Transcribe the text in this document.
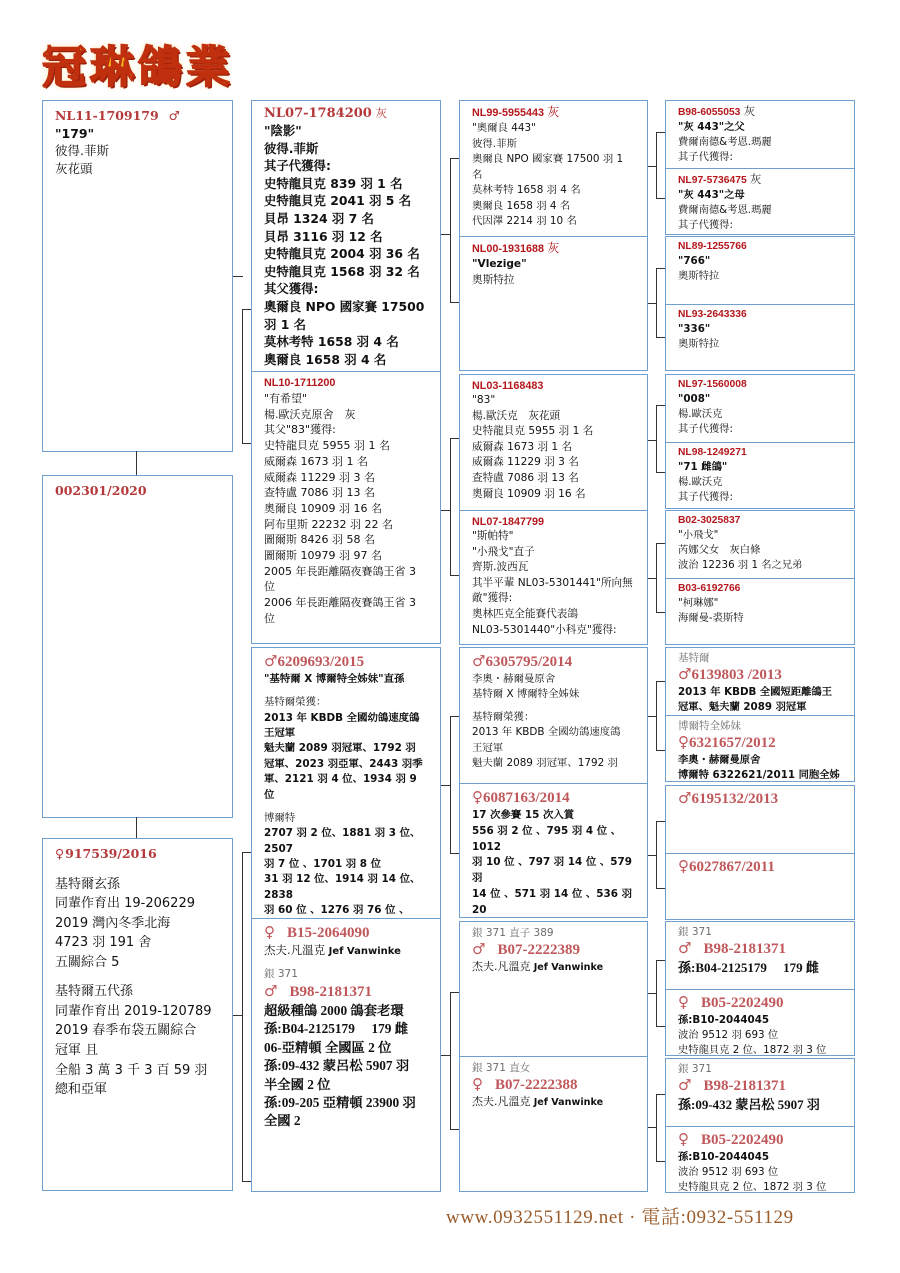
冠琳鴿業
NL11-1709179 ♂
"179"
彼得.菲斯
灰花頭
002301/2020
♀917539/2016
基特爾玄孫
同輩作育出 19-206229
2019 灣內冬季北海
4723 羽 191 舍
五關綜合 5
基特爾五代孫
同輩作育出 2019-120789
2019 春季布袋五關綜合
冠軍 且
全船 3 萬 3 千 3 百 59 羽
總和亞軍
NL07-1784200 灰
"陰影"
彼得.菲斯
其子代獲得:
史特龍貝克 839 羽 1 名
史特龍貝克 2041 羽 5 名
貝昂 1324 羽 7 名
貝昂 3116 羽 12 名
史特龍貝克 2004 羽 36 名
史特龍貝克 1568 羽 32 名
其父獲得:
奧爾良 NPO 國家賽 17500
羽 1 名
莫林考特 1658 羽 4 名
奧爾良 1658 羽 4 名
NL10-1711200
"有希望"
楊.歐沃克原舍　灰
其父"83"獲得:
史特龍貝克 5955 羽 1 名
威爾森 1673 羽 1 名
威爾森 11229 羽 3 名
查特盧 7086 羽 13 名
奧爾良 10909 羽 16 名
阿布里斯 22232 羽 22 名
圖爾斯 8426 羽 58 名
圖爾斯 10979 羽 97 名
2005 年長距離隔夜賽鴿王省 3
位
2006 年長距離隔夜賽鴿王省 3
位
♂6209693/2015
"基特爾 X 博爾特全姊妹"直孫
基特爾榮獲：
2013 年 KBDB 全國幼鴿速度鴿
王冠軍
魁夫蘭 2089 羽冠軍、1792 羽
冠軍、2023 羽亞軍、2443 羽季
軍、2121 羽 4 位、1934 羽 9
位
博爾特
2707 羽 2 位、1881 羽 3 位、2507
羽 7 位 、1701 羽 8 位
31 羽 12 位、1914 羽 14 位、2838
羽 60 位 、1276 羽 76 位 、
♀ B15-2064090
杰夫.凡溫克 Jef Vanwinke
銀 371
♂ B98-2181371
超級種鴿 2000 鴿套老環
孫:B04-2125179　 179 雌
06-亞精頓 全國區 2 位
孫:09-432 蒙呂松 5907 羽
半全國 2 位
孫:09-205 亞精頓 23900 羽
全國 2
NL99-5955443 灰
"奧爾良 443"
彼得.菲斯
奧爾良 NPO 國家賽 17500 羽 1
名
莫林考特 1658 羽 4 名
奧爾良 1658 羽 4 名
代因澤 2214 羽 10 名
NL00-1931688 灰
"Vlezige"
奧斯特拉
NL03-1168483
"83"
楊.歐沃克　灰花頭
史特龍貝克 5955 羽 1 名
威爾森 1673 羽 1 名
威爾森 11229 羽 3 名
查特盧 7086 羽 13 名
奧爾良 10909 羽 16 名
NL07-1847799
"斯帕特"
"小飛戈"直子
齊斯.波西瓦
其半平輩 NL03-5301441"所向無
敵"獲得:
奧林匹克全能賽代表鴿
NL03-5301440"小科克"獲得:
♂6305795/2014
李奧・赫爾曼原舍
基特爾 X 博爾特全姊妹
基特爾榮獲：
2013 年 KBDB 全國幼鴿速度鴿
王冠軍
魁夫蘭 2089 羽冠軍、1792 羽
♀6087163/2014
17 次參賽 15 次入賞
556 羽 2 位 、795 羽 4 位 、1012
羽 10 位 、797 羽 14 位 、579 羽
14 位 、571 羽 14 位 、536 羽 20
銀 371 直子 389
♂ B07-2222389
杰夫.凡溫克 Jef Vanwinke
銀 371 直女
♀ B07-2222388
杰夫.凡溫克 Jef Vanwinke
B98-6055053 灰
"灰 443"之父
費爾南德&考恩.瑪麗
其子代獲得:
NL97-5736475 灰
"灰 443"之母
費爾南德&考恩.瑪麗
其子代獲得:
NL89-1255766
"766"
奧斯特拉
NL93-2643336
"336"
奧斯特拉
NL97-1560008
"008"
楊.歐沃克
其子代獲得:
NL98-1249271
"71 雌鴿"
楊.歐沃克
其子代獲得:
B02-3025837
"小飛戈"
芮娜父女　灰白條
波治 12236 羽 1 名之兄弟
B03-6192766
"柯琳娜"
海爾曼-裘斯特
基特爾
♂6139803 /2013
2013 年 KBDB 全國短距離鴿王
冠軍、魁夫蘭 2089 羽冠軍
博爾特全姊妹
♀6321657/2012
李奧・赫爾曼原舍
博爾特 6322621/2011 同胞全姊
♂6195132/2013
♀6027867/2011
銀 371
♂ B98-2181371
孫:B04-2125179　 179 雌
♀ B05-2202490
孫:B10-2044045
波治 9512 羽 693 位
史特龍貝克 2 位、1872 羽 3 位
銀 371
♂ B98-2181371
孫:09-432 蒙呂松 5907 羽
♀ B05-2202490
孫:B10-2044045
波治 9512 羽 693 位
史特龍貝克 2 位、1872 羽 3 位
www.0932551129.net · 電話:0932-551129
